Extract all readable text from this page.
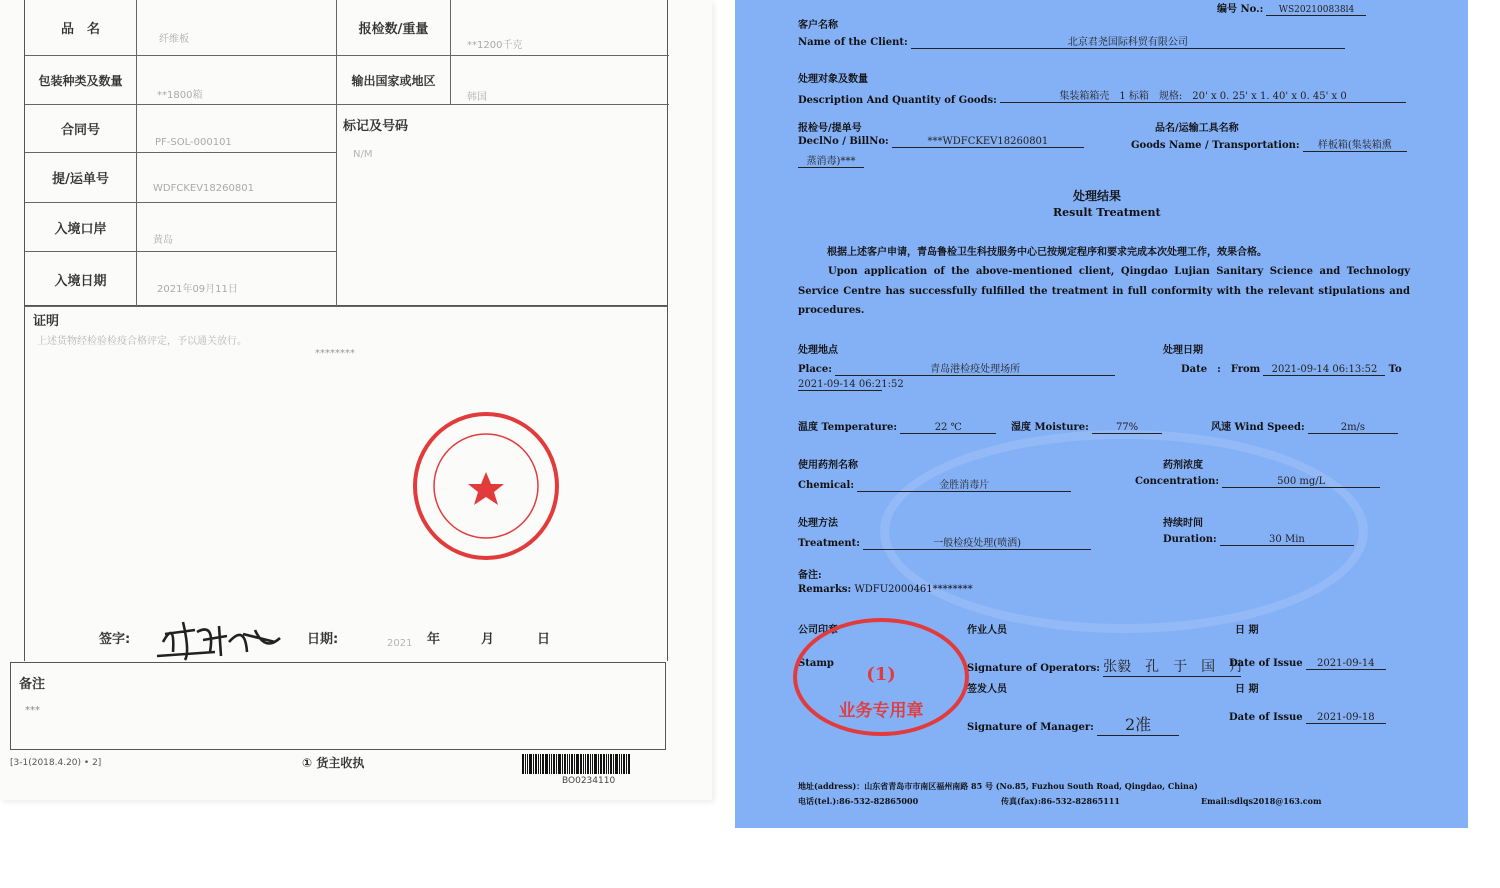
品　名
纤维板
报检数/重量
**1200千克
包装种类及数量
**1800箱
输出国家或地区
韩国
合同号
PF-SOL-000101
提/运单号
WDFCKEV18260801
入境口岸
黄岛
入境日期
2021年09月11日
标记及号码
N/M
证明
上述货物经检验检疫合格评定，予以通关放行。
********
签字:	日期:	2021 年	月	日
备注
***
[3-1(2018.4.20) • 2]	① 货主收执
BO0234110
编号 No.: WS202100838l4
客户名称
Name of the Client:	北京君尧国际科贸有限公司
处理对象及数量
Description And Quantity of Goods:	集装箱箱壳　1 标箱　规格:　20' x 0. 25' x 1. 40' x 0. 45' x 0
报检号/提单号
DeclNo / BillNo:	***WDFCKEV18260801
蒸消毒)***
品名/运输工具名称
Goods Name / Transportation: 样板箱(集装箱熏
处理结果
Result Treatment
根据上述客户申请，青岛鲁检卫生科技服务中心已按规定程序和要求完成本次处理工作，效果合格。
Upon application of the above-mentioned client, Qingdao Lujian Sanitary Science and Technology Service Centre has successfully fulfilled the treatment in full conformity with the relevant stipulations and procedures.
处理地点
Place:	青岛港检疫处理场所
处理日期
Date　:　From 2021-09-14 06:13:52 To
2021-09-14 06:21:52
温度 Temperature:	22 ℃	湿度 Moisture:	77%	风速 Wind Speed:	2m/s
使用药剂名称
Chemical:	金胜消毒片
药剂浓度
Concentration:	500 mg/L
处理方法
Treatment:	一般检疫处理(喷洒)
持续时间
Duration:	30 Min
备注:
Remarks: WDFU2000461********
公司印章
Stamp
作业人员
Signature of Operators: 张毅　孔　于　国　丹
日 期
Date of Issue 2021-09-14
签发人员
Signature of Manager: 2准
日 期
Date of Issue 2021-09-18
(1)
业务专用章
地址(address)：山东省青岛市市南区福州南路 85 号 (No.85, Fuzhou South Road, Qingdao, China)
电话(tel.):86-532-82865000	传真(fax):86-532-82865111	Email:sdlqs2018@163.com
